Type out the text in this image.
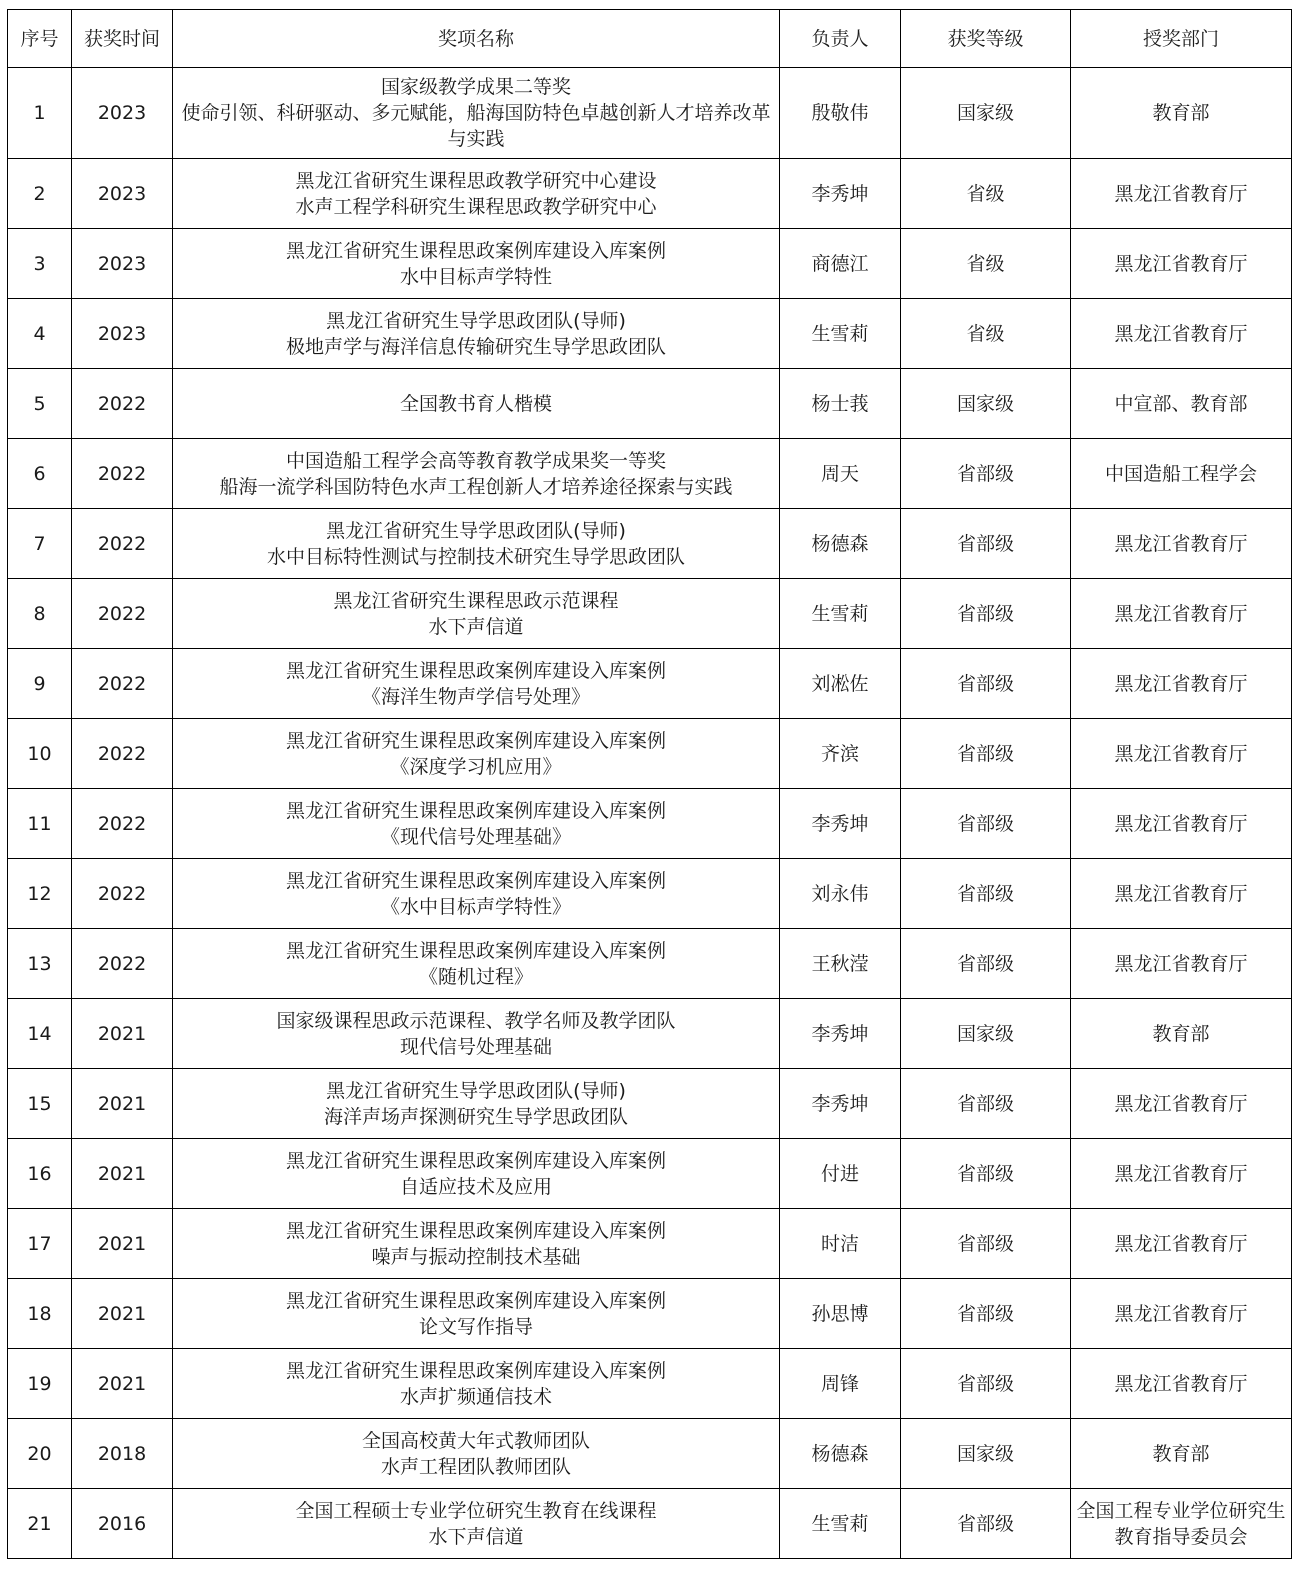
序号	获奖时间	奖项名称	负责人	获奖等级	授奖部门
1	2023	国家级教学成果二等奖
使命引领、科研驱动、多元赋能，船海国防特色卓越创新人才培养改革与实践	殷敬伟	国家级	教育部
2	2023	黑龙江省研究生课程思政教学研究中心建设
水声工程学科研究生课程思政教学研究中心	李秀坤	省级	黑龙江省教育厅
3	2023	黑龙江省研究生课程思政案例库建设入库案例
水中目标声学特性	商德江	省级	黑龙江省教育厅
4	2023	黑龙江省研究生导学思政团队(导师)
极地声学与海洋信息传输研究生导学思政团队	生雪莉	省级	黑龙江省教育厅
5	2022	全国教书育人楷模	杨士莪	国家级	中宣部、教育部
6	2022	中国造船工程学会高等教育教学成果奖一等奖
船海一流学科国防特色水声工程创新人才培养途径探索与实践	周天	省部级	中国造船工程学会
7	2022	黑龙江省研究生导学思政团队(导师)
水中目标特性测试与控制技术研究生导学思政团队	杨德森	省部级	黑龙江省教育厅
8	2022	黑龙江省研究生课程思政示范课程
水下声信道	生雪莉	省部级	黑龙江省教育厅
9	2022	黑龙江省研究生课程思政案例库建设入库案例
《海洋生物声学信号处理》	刘凇佐	省部级	黑龙江省教育厅
10	2022	黑龙江省研究生课程思政案例库建设入库案例
《深度学习机应用》	齐滨	省部级	黑龙江省教育厅
11	2022	黑龙江省研究生课程思政案例库建设入库案例
《现代信号处理基础》	李秀坤	省部级	黑龙江省教育厅
12	2022	黑龙江省研究生课程思政案例库建设入库案例
《水中目标声学特性》	刘永伟	省部级	黑龙江省教育厅
13	2022	黑龙江省研究生课程思政案例库建设入库案例
《随机过程》	王秋滢	省部级	黑龙江省教育厅
14	2021	国家级课程思政示范课程、教学名师及教学团队
现代信号处理基础	李秀坤	国家级	教育部
15	2021	黑龙江省研究生导学思政团队(导师)
海洋声场声探测研究生导学思政团队	李秀坤	省部级	黑龙江省教育厅
16	2021	黑龙江省研究生课程思政案例库建设入库案例
自适应技术及应用	付进	省部级	黑龙江省教育厅
17	2021	黑龙江省研究生课程思政案例库建设入库案例
噪声与振动控制技术基础	时洁	省部级	黑龙江省教育厅
18	2021	黑龙江省研究生课程思政案例库建设入库案例
论文写作指导	孙思博	省部级	黑龙江省教育厅
19	2021	黑龙江省研究生课程思政案例库建设入库案例
水声扩频通信技术	周锋	省部级	黑龙江省教育厅
20	2018	全国高校黄大年式教师团队
水声工程团队教师团队	杨德森	国家级	教育部
21	2016	全国工程硕士专业学位研究生教育在线课程
水下声信道	生雪莉	省部级	全国工程专业学位研究生教育指导委员会
